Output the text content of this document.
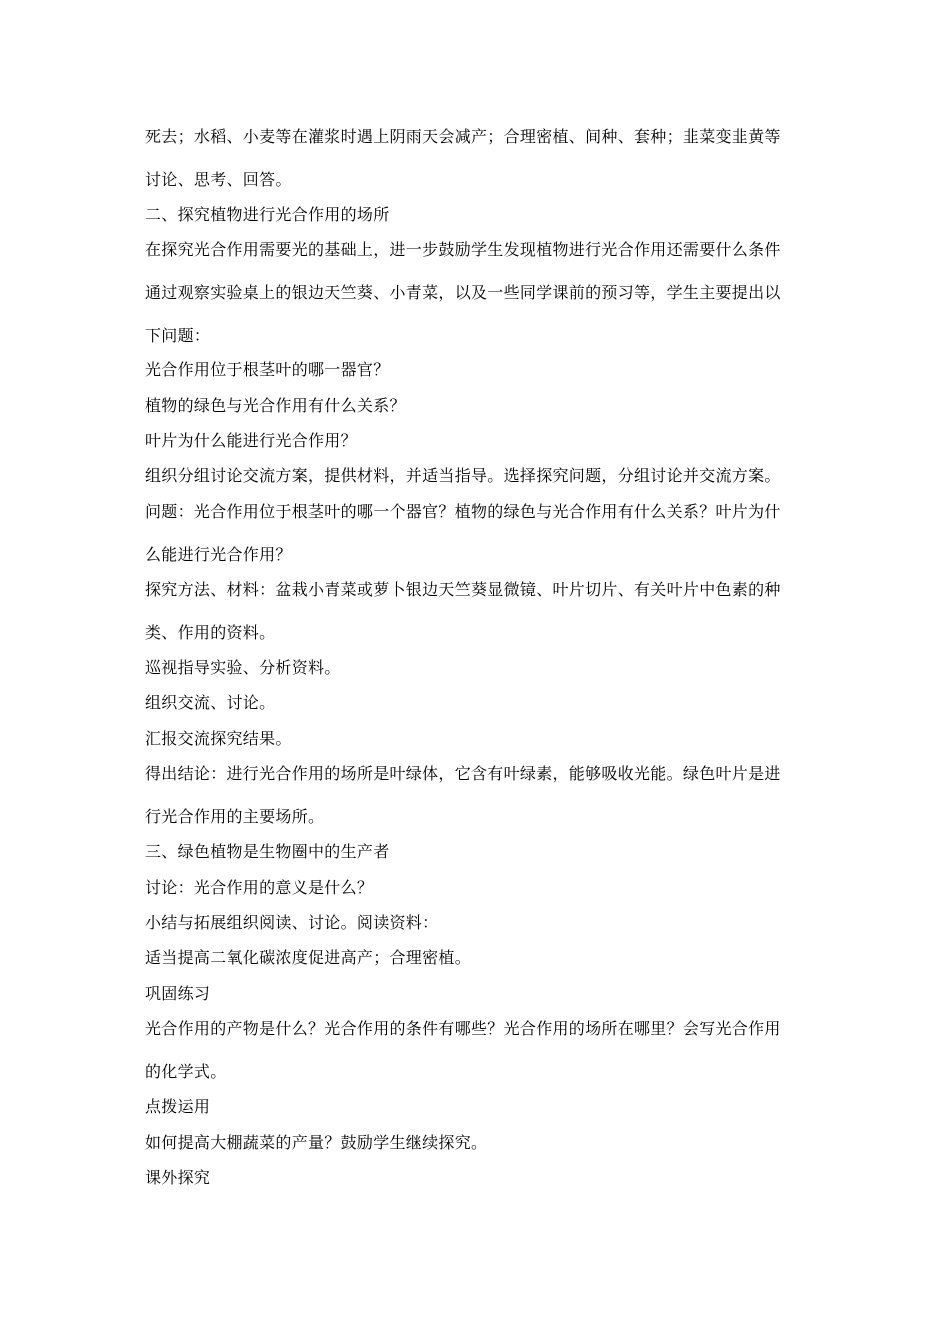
死去；水稻、小麦等在灌浆时遇上阴雨天会减产；合理密植、间种、套种；韭菜变韭黄等
讨论、思考、回答。
二、探究植物进行光合作用的场所
在探究光合作用需要光的基础上，进一步鼓励学生发现植物进行光合作用还需要什么条件
通过观察实验桌上的银边天竺葵、小青菜，以及一些同学课前的预习等，学生主要提出以
下问题：
光合作用位于根茎叶的哪一器官？
植物的绿色与光合作用有什么关系？
叶片为什么能进行光合作用？
组织分组讨论交流方案，提供材料，并适当指导。选择探究问题，分组讨论并交流方案。
问题：光合作用位于根茎叶的哪一个器官？植物的绿色与光合作用有什么关系？叶片为什
么能进行光合作用？
探究方法、材料：盆栽小青菜或萝卜银边天竺葵显微镜、叶片切片、有关叶片中色素的种
类、作用的资料。
巡视指导实验、分析资料。
组织交流、讨论。
汇报交流探究结果。
得出结论：进行光合作用的场所是叶绿体，它含有叶绿素，能够吸收光能。绿色叶片是进
行光合作用的主要场所。
三、绿色植物是生物圈中的生产者
讨论：光合作用的意义是什么？
小结与拓展组织阅读、讨论。阅读资料：
适当提高二氧化碳浓度促进高产；合理密植。
巩固练习
光合作用的产物是什么？光合作用的条件有哪些？光合作用的场所在哪里？会写光合作用
的化学式。
点拨运用
如何提高大棚蔬菜的产量？鼓励学生继续探究。
课外探究
